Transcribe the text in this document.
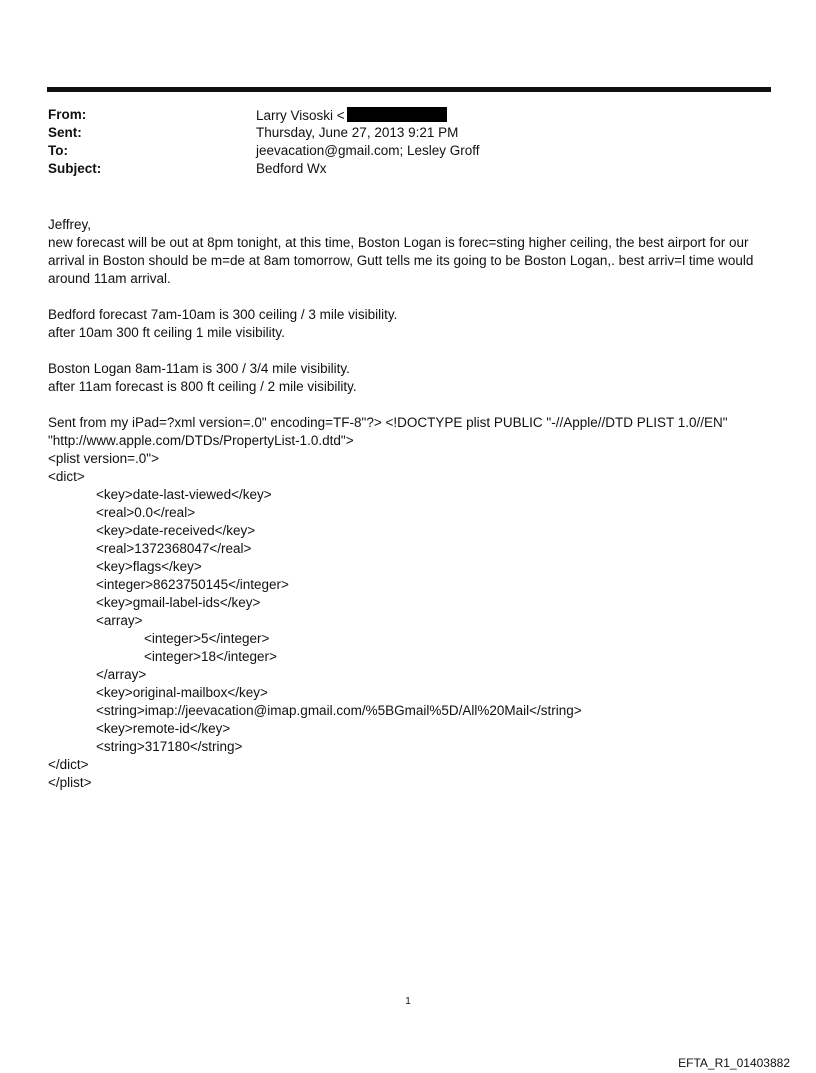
From:	Larry Visoski <
Sent:	Thursday, June 27, 2013 9:21 PM
To:	jeevacation@gmail.com; Lesley Groff
Subject:	Bedford Wx

Jeffrey,

new forecast will be out at 8pm tonight, at this time, Boston Logan is forec=sting higher ceiling, the best airport for our arrival in Boston should be m=de at 8am tomorrow, Gutt tells me its going to be Boston Logan,. best arriv=l time would around 11am arrival.

Bedford forecast 7am-10am is 300 ceiling / 3 mile visibility.

after 10am 300 ft ceiling 1 mile visibility.

Boston Logan 8am-11am is 300 / 3/4 mile visibility.

after 11am forecast is 800 ft ceiling / 2 mile visibility.

Sent from my iPad=?xml version=.0" encoding=TF-8"?> <!DOCTYPE plist PUBLIC "-//Apple//DTD PLIST 1.0//EN"

"http://www.apple.com/DTDs/PropertyList-1.0.dtd">

<plist version=.0">

<dict>

<key>date-last-viewed</key>

<real>0.0</real>

<key>date-received</key>

<real>1372368047</real>

<key>flags</key>

<integer>8623750145</integer>

<key>gmail-label-ids</key>

<array>

<integer>5</integer>

<integer>18</integer>

</array>

<key>original-mailbox</key>

<string>imap://jeevacation@imap.gmail.com/%5BGmail%5D/All%20Mail</string>

<key>remote-id</key>

<string>317180</string>

</dict>

</plist>

1
EFTA_R1_01403882
